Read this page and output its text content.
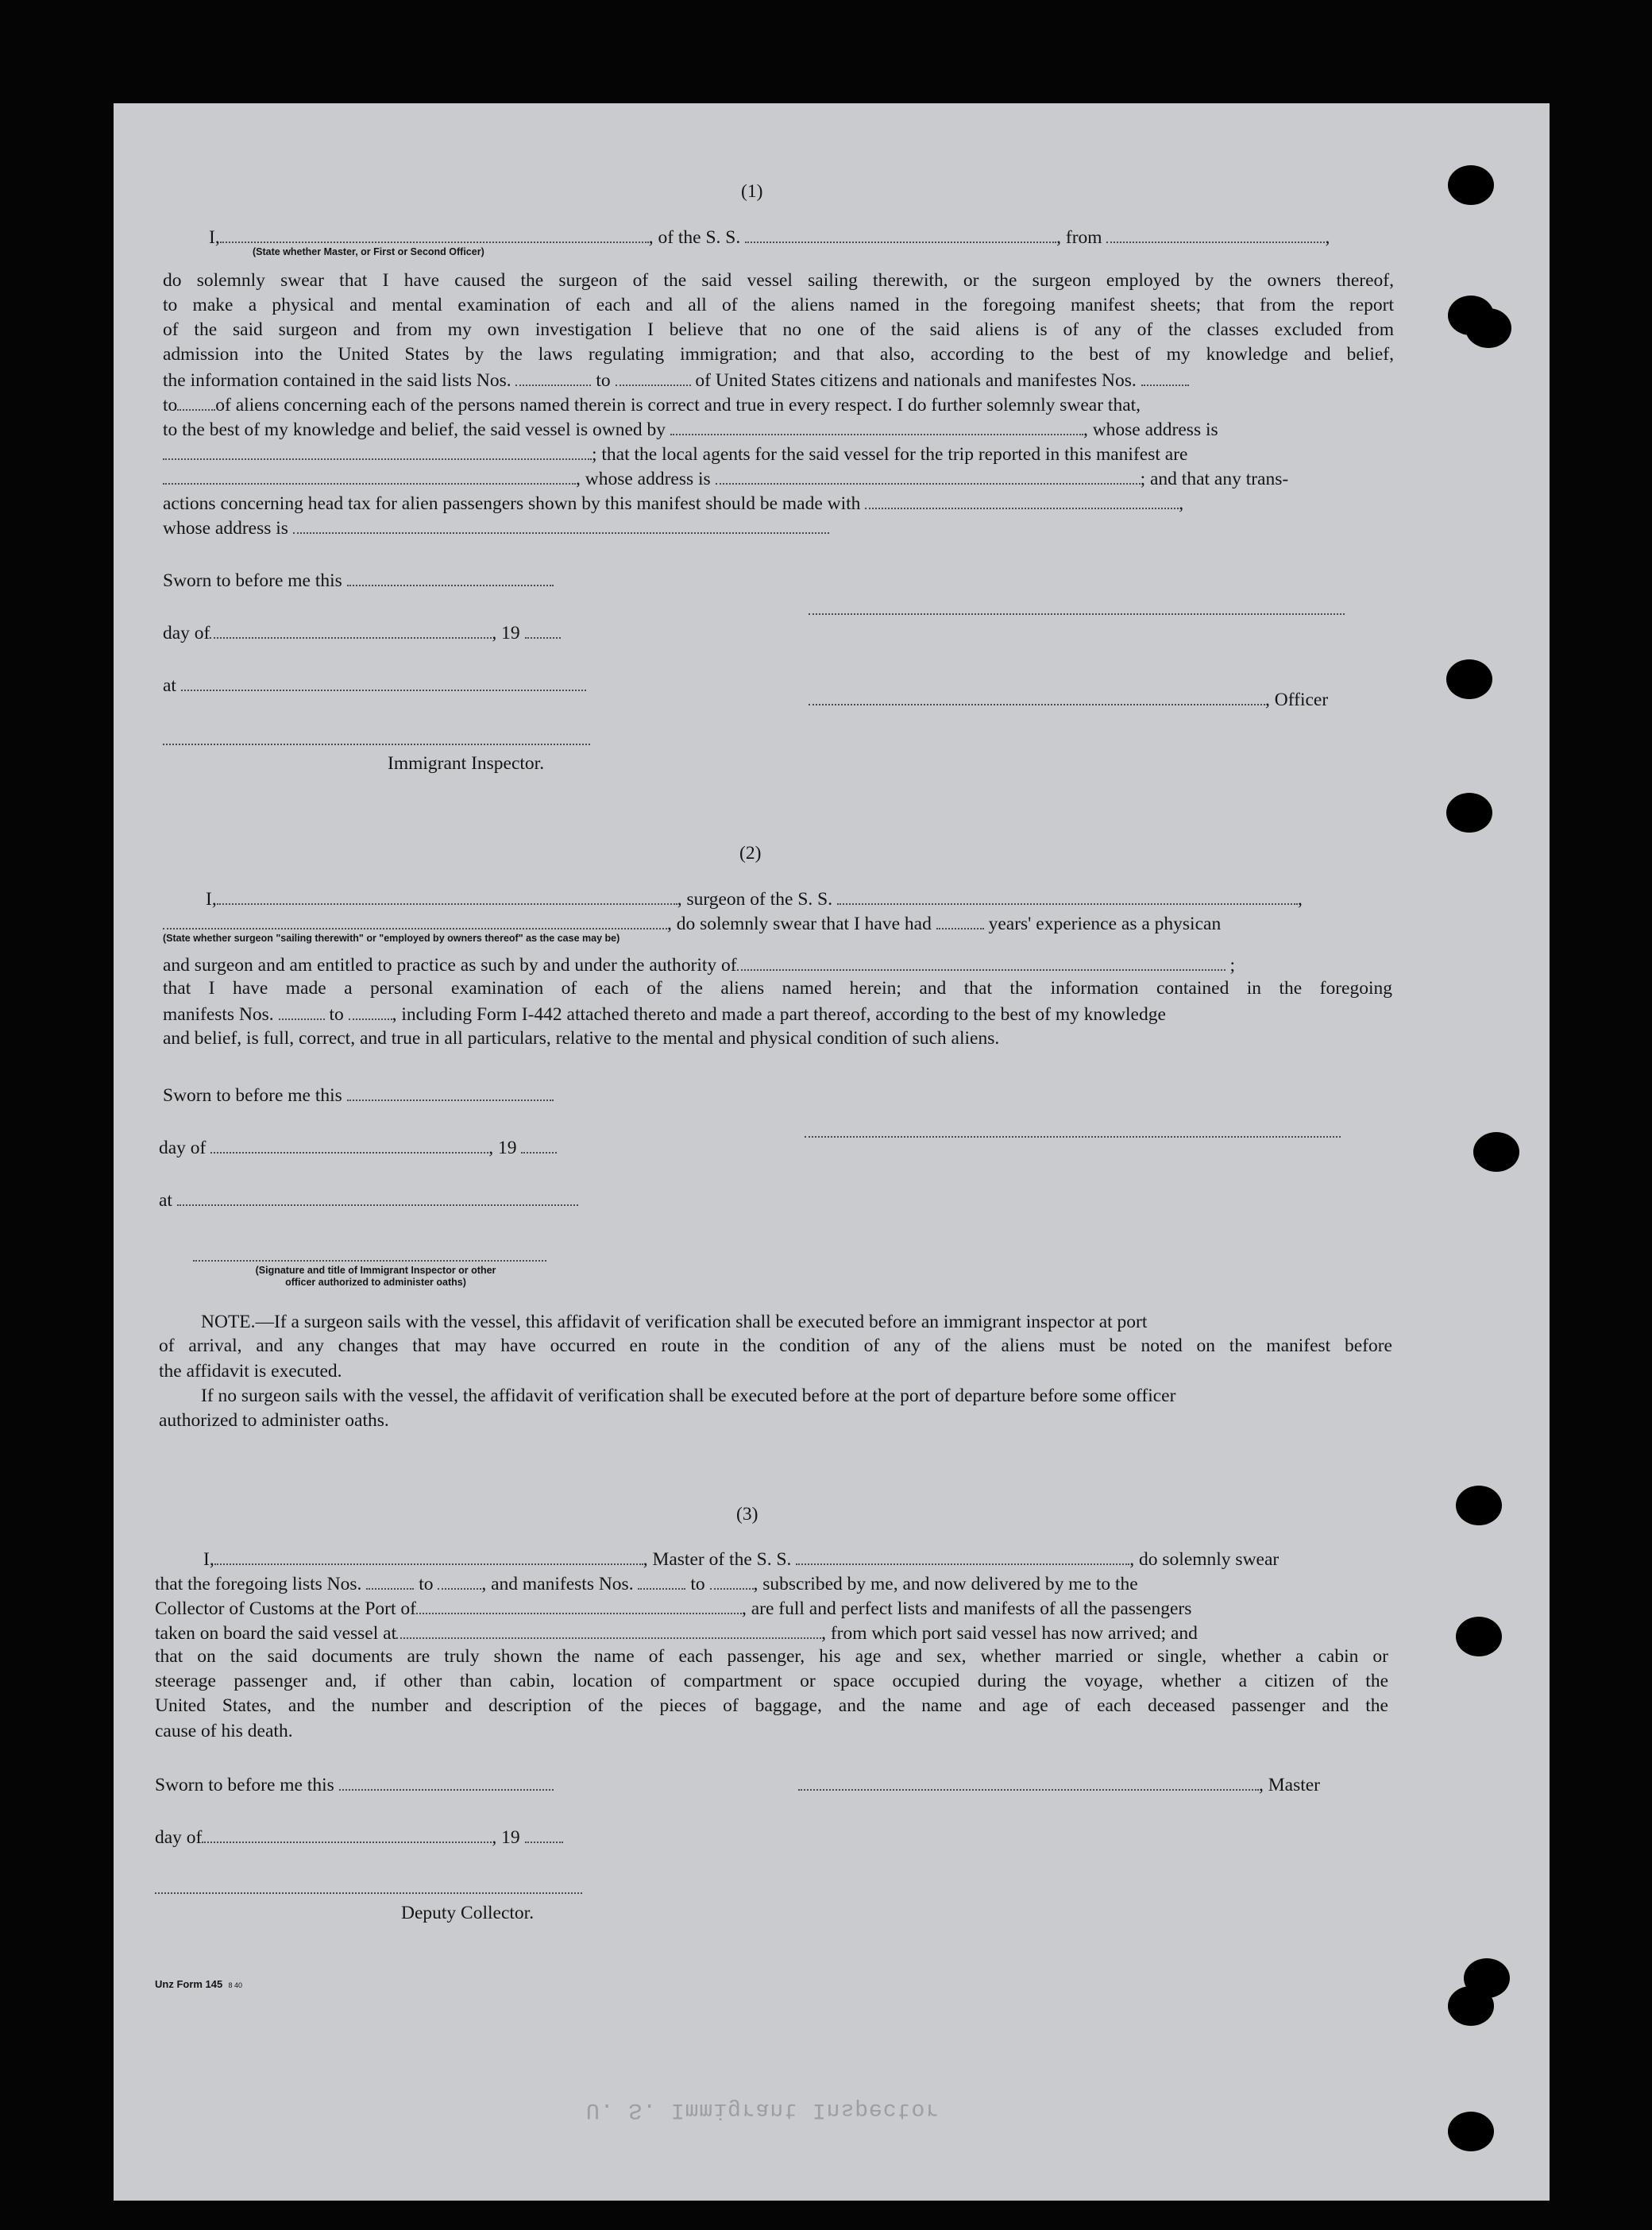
(1)
I,	, of the S. S.	, from	,
(State whether Master, or First or Second Officer)
do solemnly swear that I have caused the surgeon of the said vessel sailing therewith, or the surgeon employed by the owners thereof,
to make a physical and mental examination of each and all of the aliens named in the foregoing manifest sheets; that from the report
of the said surgeon and from my own investigation I believe that no one of the said aliens is of any of the classes excluded from
admission into the United States by the laws regulating immigration; and that also, according to the best of my knowledge and belief,
the information contained in the said lists Nos.	to	of United States citizens and nationals and manifestes Nos.
to of aliens concerning each of the persons named therein is correct and true in every respect. I do further solemnly swear that,
to the best of my knowledge and belief, the said vessel is owned by	, whose address is
; that the local agents for the said vessel for the trip reported in this manifest are
, whose address is	; and that any trans-
actions concerning head tax for alien passengers shown by this manifest should be made with	,
whose address is
Sworn to before me this
day of	, 19
at
, Officer
Immigrant Inspector.
(2)
I,	, surgeon of the S. S.	,
, do solemnly swear that I have had	years' experience as a physican
(State whether surgeon "sailing therewith" or "employed by owners thereof" as the case may be)
and surgeon and am entitled to practice as such by and under the authority of	;
that I have made a personal examination of each of the aliens named herein; and that the information contained in the foregoing
manifests Nos.	to	, including Form I-442 attached thereto and made a part thereof, according to the best of my knowledge
and belief, is full, correct, and true in all particulars, relative to the mental and physical condition of such aliens.
Sworn to before me this
day of	, 19
at
(Signature and title of Immigrant Inspector or other
officer authorized to administer oaths)
NOTE.—If a surgeon sails with the vessel, this affidavit of verification shall be executed before an immigrant inspector at port
of arrival, and any changes that may have occurred en route in the condition of any of the aliens must be noted on the manifest before
the affidavit is executed.
If no surgeon sails with the vessel, the affidavit of verification shall be executed before at the port of departure before some officer
authorized to administer oaths.
(3)
I,	, Master of the S. S.	, do solemnly swear
that the foregoing lists Nos.	to	, and manifests Nos.	to	, subscribed by me, and now delivered by me to the
Collector of Customs at the Port of	, are full and perfect lists and manifests of all the passengers
taken on board the said vessel at	, from which port said vessel has now arrived; and
that on the said documents are truly shown the name of each passenger, his age and sex, whether married or single, whether a cabin or
steerage passenger and, if other than cabin, location of compartment or space occupied during the voyage, whether a citizen of the
United States, and the number and description of the pieces of baggage, and the name and age of each deceased passenger and the
cause of his death.
Sworn to before me this	, Master
day of	, 19
Deputy Collector.
Unz Form 145 8 40
U. S. Immigrant Inspector
